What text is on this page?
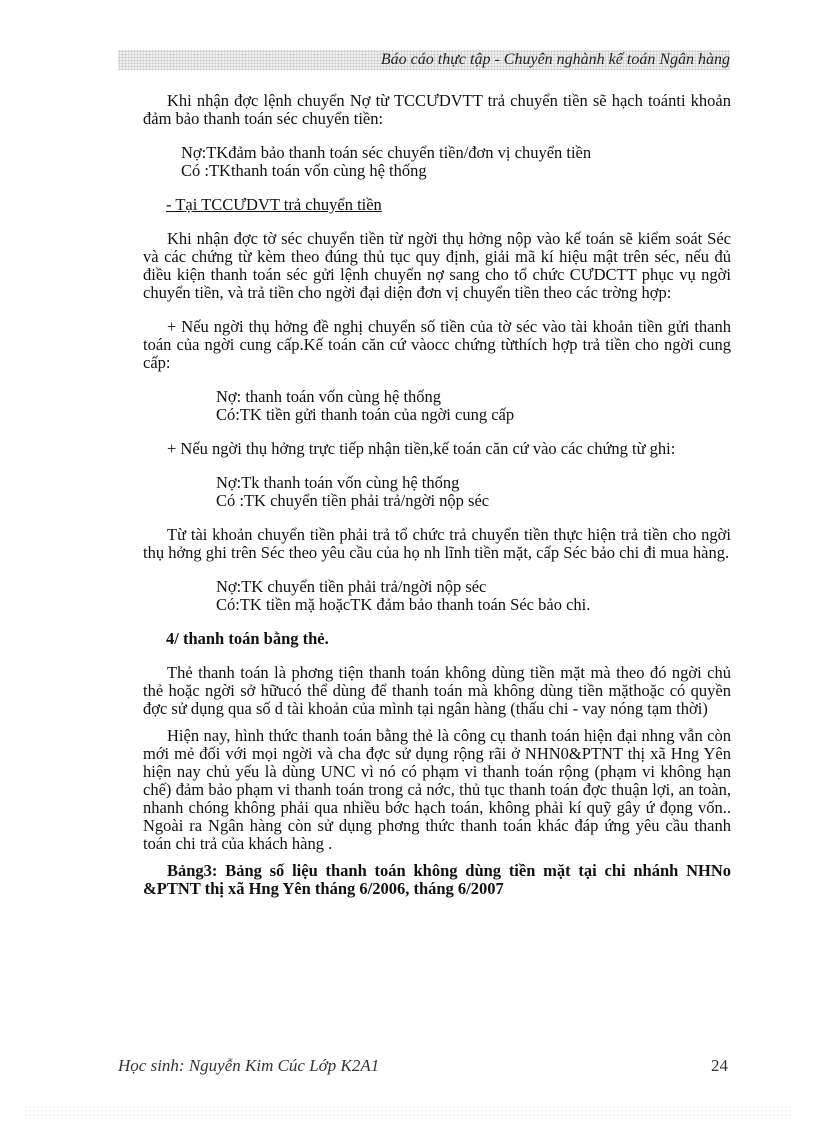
Báo cáo thực tập - Chuyên nghành kế toán Ngân hàng

Khi nhận đợc lệnh chuyển Nợ từ TCCƯDVTT trả chuyển tiền sẽ hạch toánti khoản đảm bảo thanh toán séc chuyển tiền:

Nợ:TKđảm bảo thanh toán séc chuyển tiền/đơn vị chuyển tiền

Có :TKthanh toán vốn cùng hệ thống

- Tại TCCƯDVT trả chuyển tiền

Khi nhận đợc tờ séc chuyển tiền từ ngời thụ hởng nộp vào kế toán sẽ kiểm soát Séc và các chứng từ kèm theo đúng thủ tục quy định, giải mã kí hiệu mật trên séc, nếu đủ điều kiện thanh toán séc gửi lệnh chuyển nợ sang cho tổ chức CƯDCTT phục vụ ngời chuyển tiền, và trả tiền cho ngời đại diện đơn vị chuyển tiền theo các trờng hợp:

+ Nếu ngời thụ hởng đề nghị chuyển số tiền của tờ séc vào tài khoản tiền gửi thanh toán của ngời cung cấp.Kế toán căn cứ vàocc chứng từthích hợp trả tiền cho ngời cung cấp:

Nợ: thanh toán vốn cùng hệ thống

Có:TK tiền gửi thanh toán của ngời cung cấp

+ Nếu ngời thụ hởng trực tiếp nhận tiền,kế toán căn cứ vào các chứng từ ghi:

Nợ:Tk thanh toán vốn cùng hệ thống

Có :TK chuyển tiền phải trả/ngời nộp séc

Từ tài khoản chuyển tiền phải trả tổ chức trả chuyển tiền thực hiện trả tiền cho ngời thụ hởng ghi trên Séc theo yêu cầu của họ nh lĩnh tiền mặt, cấp Séc bảo chi đi mua hàng.

Nợ:TK chuyển tiền phải trả/ngời nộp séc

Có:TK tiền mặ hoặcTK đảm bảo thanh toán Séc bảo chi.

4/ thanh toán bằng thẻ.

Thẻ thanh toán là phơng tiện thanh toán không dùng tiền mặt mà theo đó ngời chủ thẻ hoặc ngời sở hữucó thể dùng để thanh toán mà không dùng tiền mặthoặc có quyền đợc sử dụng qua số d tài khoản của mình tại ngân hàng (thấu chi - vay nóng tạm thời)

Hiện nay, hình thức thanh toán bằng thẻ là công cụ thanh toán hiện đại nhng vẫn còn mới mẻ đối với mọi ngời và cha đợc sử dụng rộng rãi ở NHN0&PTNT thị xã Hng Yên hiện nay chủ yếu là dùng UNC vì nó có phạm vi thanh toán rộng (phạm vi không hạn chế) đảm bảo phạm vi thanh toán trong cả nớc, thủ tục thanh toán đợc thuận lợi, an toàn, nhanh chóng không phải qua nhiều bớc hạch toán, không phải kí quỹ gây ứ đọng vốn.. Ngoài ra Ngân hàng còn sử dụng phơng thức thanh toán khác đáp ứng yêu cầu thanh toán chi trả của khách hàng .

Bảng3: Bảng số liệu thanh toán không dùng tiền mặt tại chi nhánh NHNo &PTNT thị xã Hng Yên tháng 6/2006, tháng 6/2007

Học sinh: Nguyễn Kim Cúc Lớp K2A1	24
